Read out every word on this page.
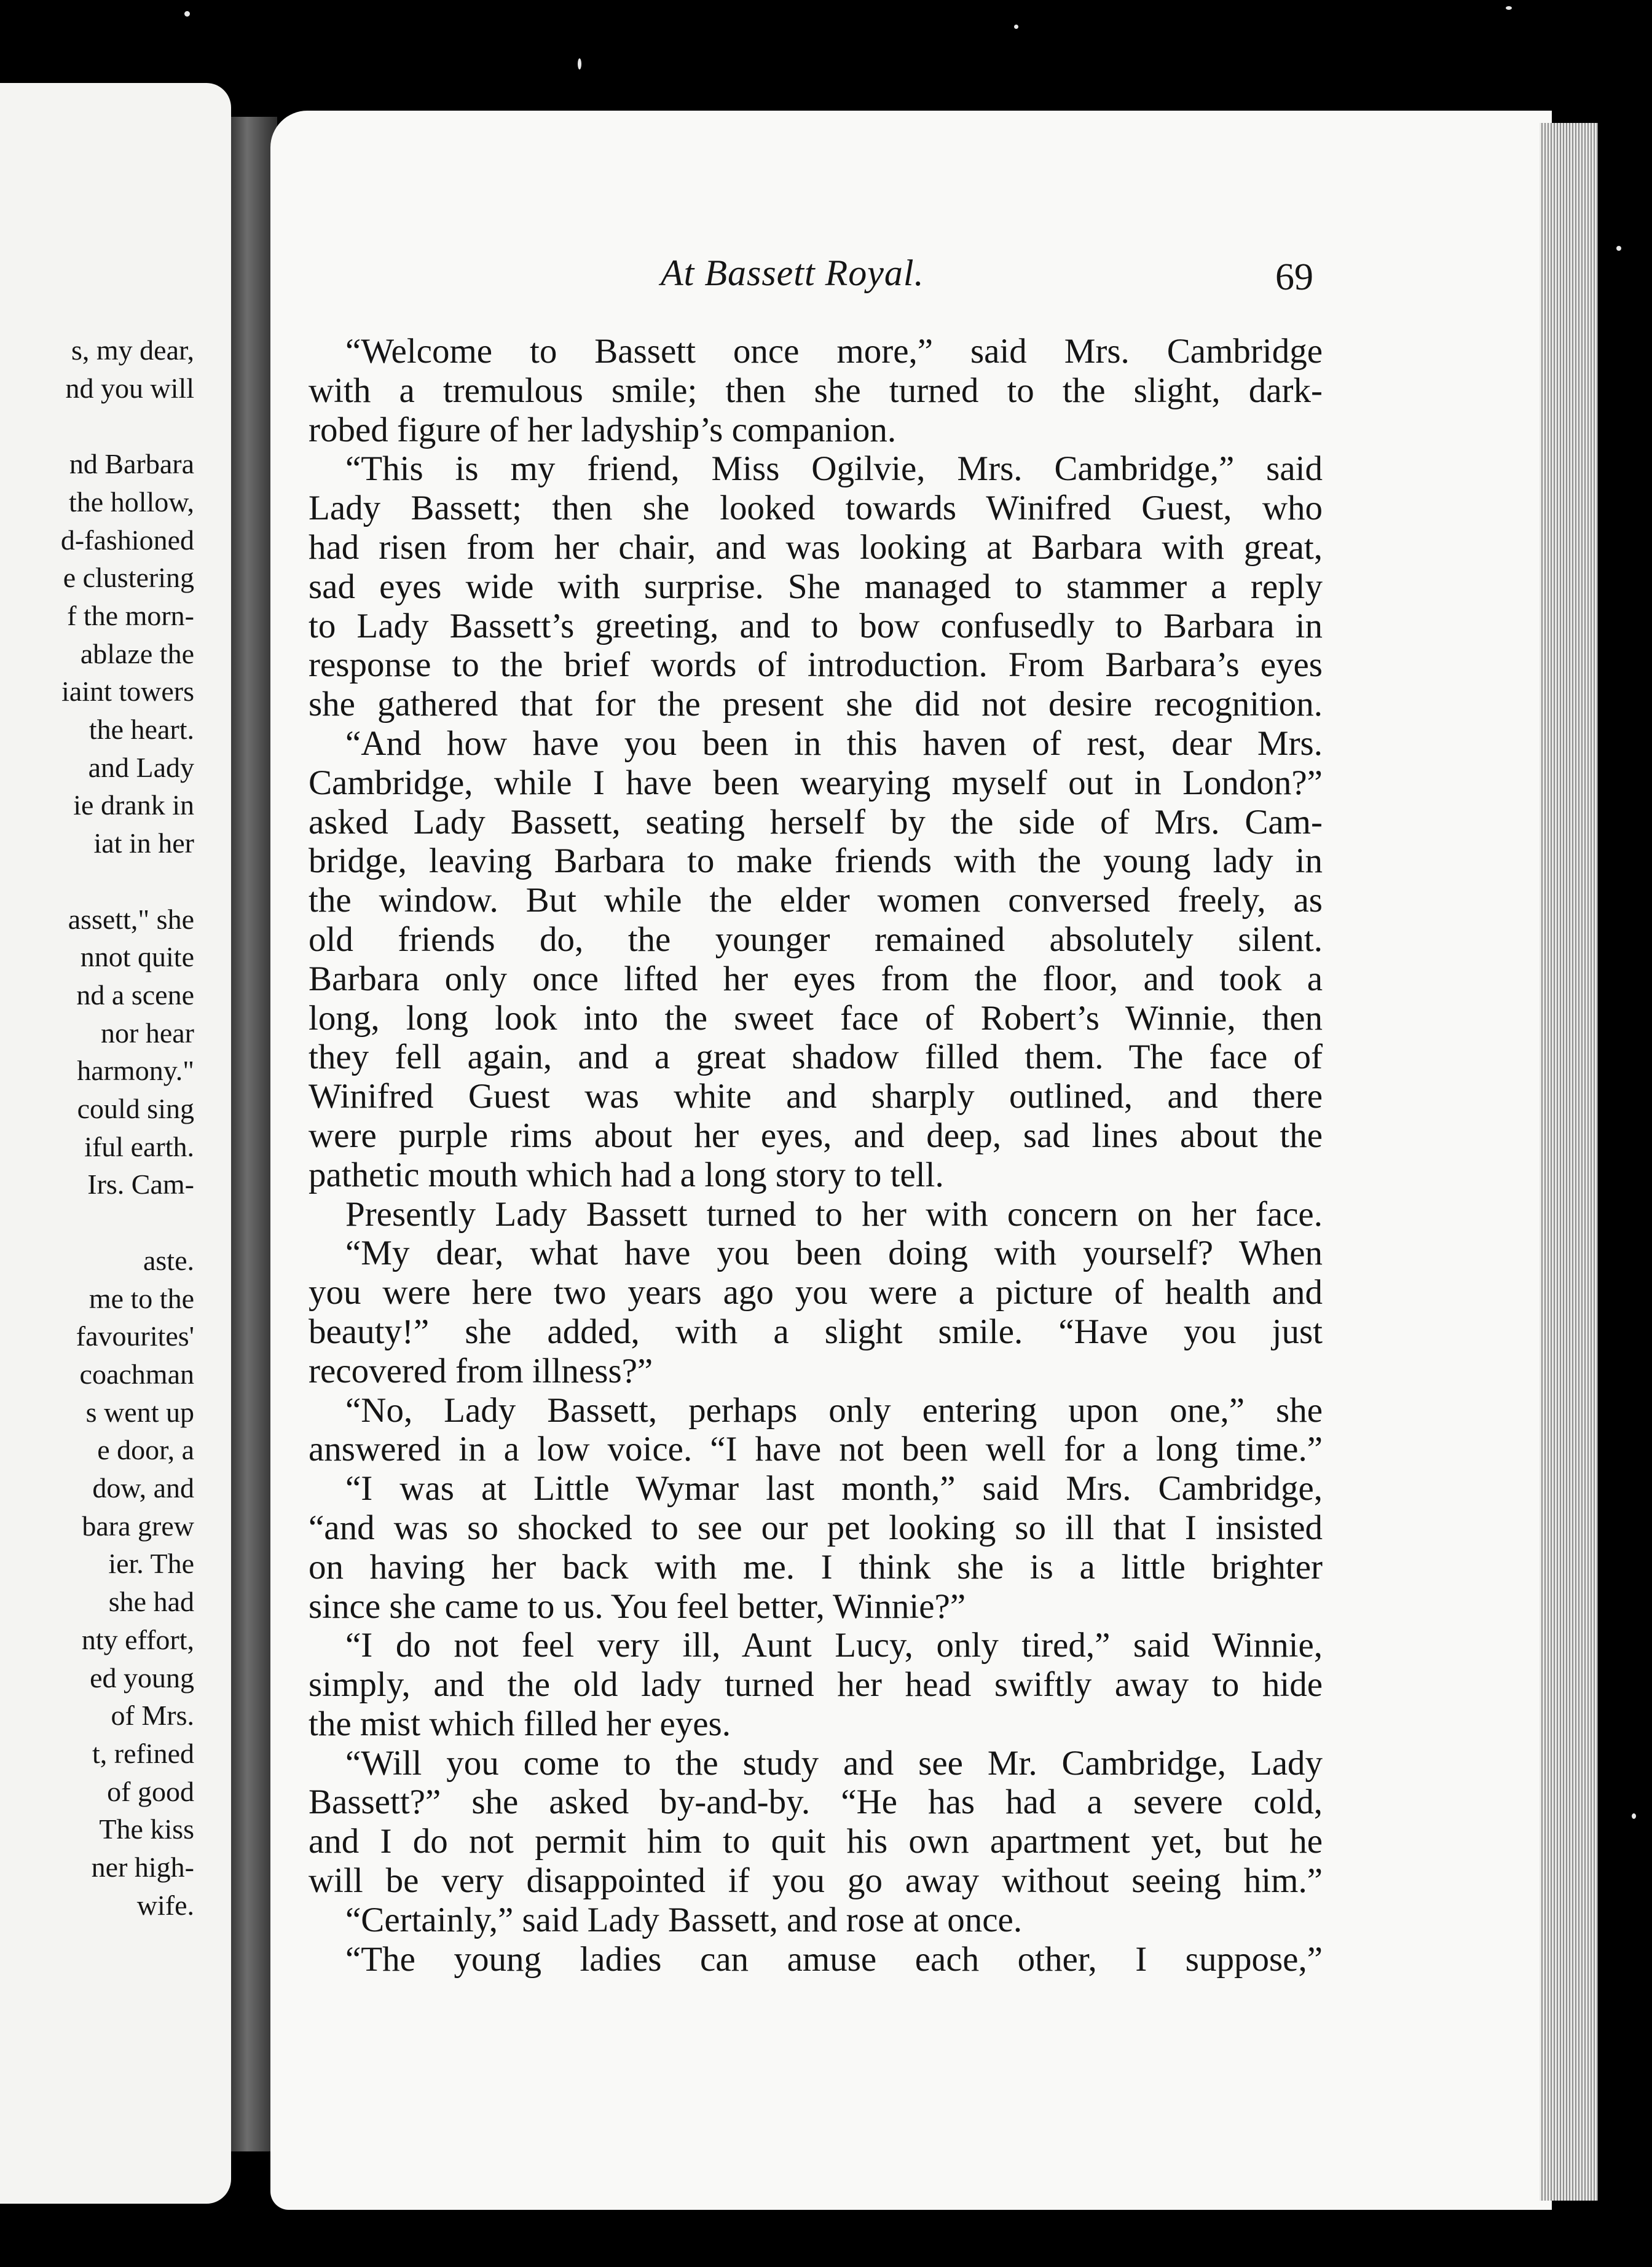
s, my dear,
nd you will
nd Barbara
the hollow,
d-fashioned
e clustering
f the morn-
ablaze the
iaint towers
the heart.
and Lady
ie drank in
iat in her
assett," she
nnot quite
nd a scene
nor hear
harmony."
could sing
iful earth.
Irs. Cam-
aste.
me to the
favourites'
coachman
s went up
e door, a
dow, and
bara grew
ier. The
she had
nty effort,
ed young
of Mrs.
t, refined
of good
The kiss
ner high-
wife.
At Bassett Royal.	69
“Welcome to Bassett once more,” said Mrs. Cambridge
with a tremulous smile; then she turned to the slight, dark-
robed figure of her ladyship’s companion.
“This is my friend, Miss Ogilvie, Mrs. Cambridge,” said
Lady Bassett; then she looked towards Winifred Guest, who
had risen from her chair, and was looking at Barbara with great,
sad eyes wide with surprise. She managed to stammer a reply
to Lady Bassett’s greeting, and to bow confusedly to Barbara in
response to the brief words of introduction. From Barbara’s eyes
she gathered that for the present she did not desire recognition.
“And how have you been in this haven of rest, dear Mrs.
Cambridge, while I have been wearying myself out in London?”
asked Lady Bassett, seating herself by the side of Mrs. Cam-
bridge, leaving Barbara to make friends with the young lady in
the window. But while the elder women conversed freely, as
old friends do, the younger remained absolutely silent.
Barbara only once lifted her eyes from the floor, and took a
long, long look into the sweet face of Robert’s Winnie, then
they fell again, and a great shadow filled them. The face of
Winifred Guest was white and sharply outlined, and there
were purple rims about her eyes, and deep, sad lines about the
pathetic mouth which had a long story to tell.
Presently Lady Bassett turned to her with concern on her face.
“My dear, what have you been doing with yourself? When
you were here two years ago you were a picture of health and
beauty!” she added, with a slight smile. “Have you just
recovered from illness?”
“No, Lady Bassett, perhaps only entering upon one,” she
answered in a low voice. “I have not been well for a long time.”
“I was at Little Wymar last month,” said Mrs. Cambridge,
“and was so shocked to see our pet looking so ill that I insisted
on having her back with me. I think she is a little brighter
since she came to us. You feel better, Winnie?”
“I do not feel very ill, Aunt Lucy, only tired,” said Winnie,
simply, and the old lady turned her head swiftly away to hide
the mist which filled her eyes.
“Will you come to the study and see Mr. Cambridge, Lady
Bassett?” she asked by-and-by. “He has had a severe cold,
and I do not permit him to quit his own apartment yet, but he
will be very disappointed if you go away without seeing him.”
“Certainly,” said Lady Bassett, and rose at once.
“The young ladies can amuse each other, I suppose,”
